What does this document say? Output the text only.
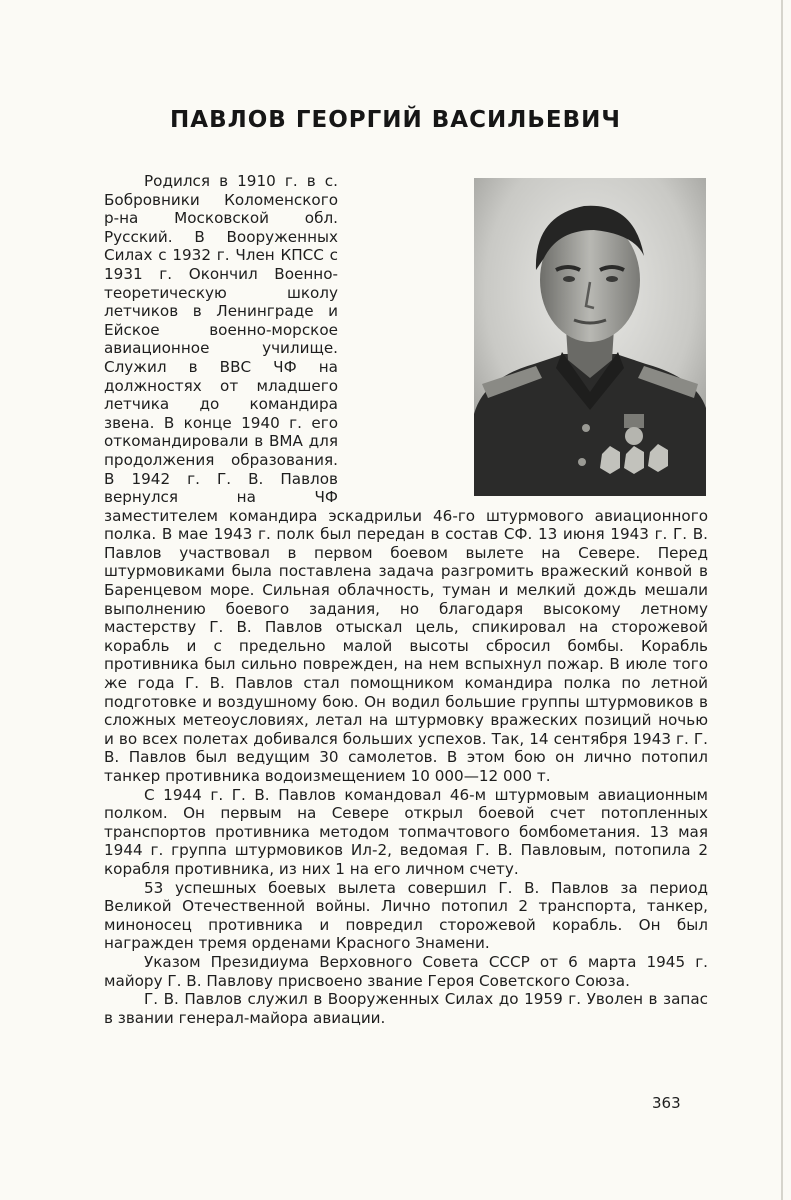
ПАВЛОВ ГЕОРГИЙ ВАСИЛЬЕВИЧ

Родился в 1910 г. в с. Бобровники Коломенского р-на Московской обл. Русский. В Вооруженных Силах с 1932 г. Член КПСС с 1931 г. Окончил Военно-теоретическую школу летчиков в Ленинграде и Ейское военно-морское авиационное училище. Служил в ВВС ЧФ на должностях от младшего летчика до командира звена. В конце 1940 г. его откомандировали в ВМА для продолжения образования. В 1942 г. Г. В. Павлов вернулся на ЧФ заместителем командира эскадрильи 46-го штурмового авиационного полка. В мае 1943 г. полк был передан в состав СФ. 13 июня 1943 г. Г. В. Павлов участвовал в первом боевом вылете на Севере. Перед штурмовиками была поставлена задача разгромить вражеский конвой в Баренцевом море. Сильная облачность, туман и мелкий дождь мешали выполнению боевого задания, но благодаря высокому летному мастерству Г. В. Павлов отыскал цель, спикировал на сторожевой корабль и с предельно малой высоты сбросил бомбы. Корабль противника был сильно поврежден, на нем вспыхнул пожар. В июле того же года Г. В. Павлов стал помощником командира полка по летной подготовке и воздушному бою. Он водил большие группы штурмовиков в сложных метеоусловиях, летал на штурмовку вражеских позиций ночью и во всех полетах добивался больших успехов. Так, 14 сентября 1943 г. Г. В. Павлов был ведущим 30 самолетов. В этом бою он лично потопил танкер противника водоизмещением 10 000—12 000 т.

С 1944 г. Г. В. Павлов командовал 46-м штурмовым авиационным полком. Он первым на Севере открыл боевой счет потопленных транспортов противника методом топмачтового бомбометания. 13 мая 1944 г. группа штурмовиков Ил-2, ведомая Г. В. Павловым, потопила 2 корабля противника, из них 1 на его личном счету.

53 успешных боевых вылета совершил Г. В. Павлов за период Великой Отечественной войны. Лично потопил 2 транспорта, танкер, миноносец противника и повредил сторожевой корабль. Он был награжден тремя орденами Красного Знамени.

Указом Президиума Верховного Совета СССР от 6 марта 1945 г. майору Г. В. Павлову присвоено звание Героя Советского Союза.

Г. В. Павлов служил в Вооруженных Силах до 1959 г. Уволен в запас в звании генерал-майора авиации.

363
